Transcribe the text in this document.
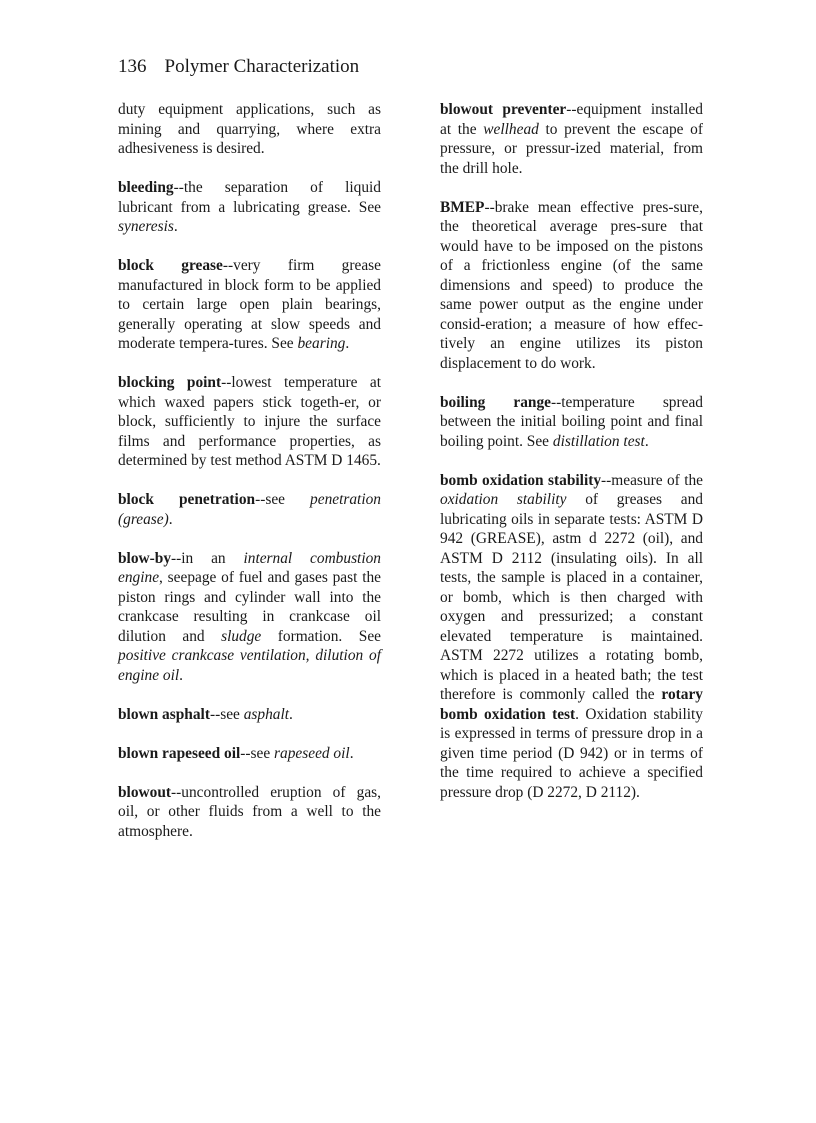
136 Polymer Characterization

duty equipment applications, such as mining and quarrying, where extra adhesiveness is desired.

bleeding--the separation of liquid lubricant from a lubricating grease. See syneresis.

block grease--very firm grease manufactured in block form to be applied to certain large open plain bearings, generally operating at slow speeds and moderate tempera-tures. See bearing.

blocking point--lowest temperature at which waxed papers stick togeth-er, or block, sufficiently to injure the surface films and performance properties, as determined by test method ASTM D 1465.

block penetration--see penetration (grease).

blow-by--in an internal combustion engine, seepage of fuel and gases past the piston rings and cylinder wall into the crankcase resulting in crankcase oil dilution and sludge formation. See positive crankcase ventilation, dilution of engine oil.

blown asphalt--see asphalt.

blown rapeseed oil--see rapeseed oil.

blowout--uncontrolled eruption of gas, oil, or other fluids from a well to the atmosphere.

blowout preventer--equipment installed at the wellhead to prevent the escape of pressure, or pressur-ized material, from the drill hole.

BMEP--brake mean effective pres-sure, the theoretical average pres-sure that would have to be imposed on the pistons of a frictionless engine (of the same dimensions and speed) to produce the same power output as the engine under consid-eration; a measure of how effec-tively an engine utilizes its piston displacement to do work.

boiling range--temperature spread between the initial boiling point and final boiling point. See distillation test.

bomb oxidation stability--measure of the oxidation stability of greases and lubricating oils in separate tests: ASTM D 942 (GREASE), astm d 2272 (oil), and ASTM D 2112 (insulating oils). In all tests, the sample is placed in a container, or bomb, which is then charged with oxygen and pressurized; a constant elevated temperature is maintained. ASTM 2272 utilizes a rotating bomb, which is placed in a heated bath; the test therefore is commonly called the rotary bomb oxidation test. Oxidation stability is expressed in terms of pressure drop in a given time period (D 942) or in terms of the time required to achieve a specified pressure drop (D 2272, D 2112).
